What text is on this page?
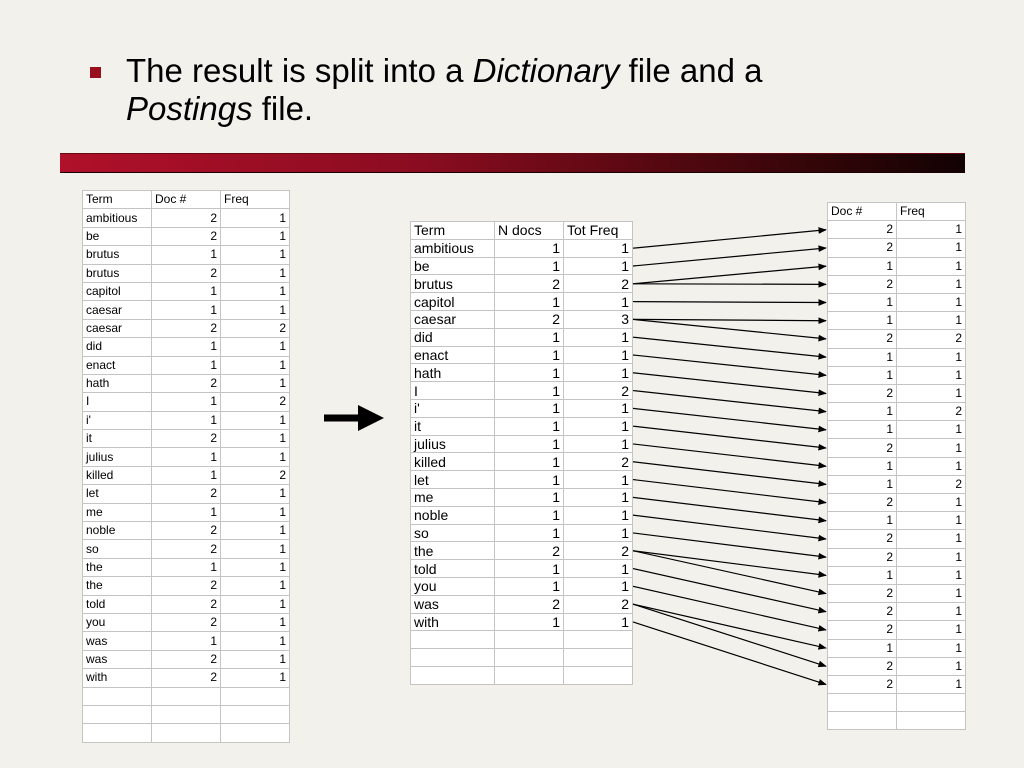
The result is split into a Dictionary file and a
Postings file.
Term	Doc #	Freq
ambitious	2	1
be	2	1
brutus	1	1
brutus	2	1
capitol	1	1
caesar	1	1
caesar	2	2
did	1	1
enact	1	1
hath	2	1
I	1	2
i'	1	1
it	2	1
julius	1	1
killed	1	2
let	2	1
me	1	1
noble	2	1
so	2	1
the	1	1
the	2	1
told	2	1
you	2	1
was	1	1
was	2	1
with	2	1

Term	N docs	Tot Freq
ambitious	1	1
be	1	1
brutus	2	2
capitol	1	1
caesar	2	3
did	1	1
enact	1	1
hath	1	1
I	1	2
i'	1	1
it	1	1
julius	1	1
killed	1	2
let	1	1
me	1	1
noble	1	1
so	1	1
the	2	2
told	1	1
you	1	1
was	2	2
with	1	1

Doc #	Freq
2	1
2	1
1	1
2	1
1	1
1	1
2	2
1	1
1	1
2	1
1	2
1	1
2	1
1	1
1	2
2	1
1	1
2	1
2	1
1	1
2	1
2	1
2	1
1	1
2	1
2	1
